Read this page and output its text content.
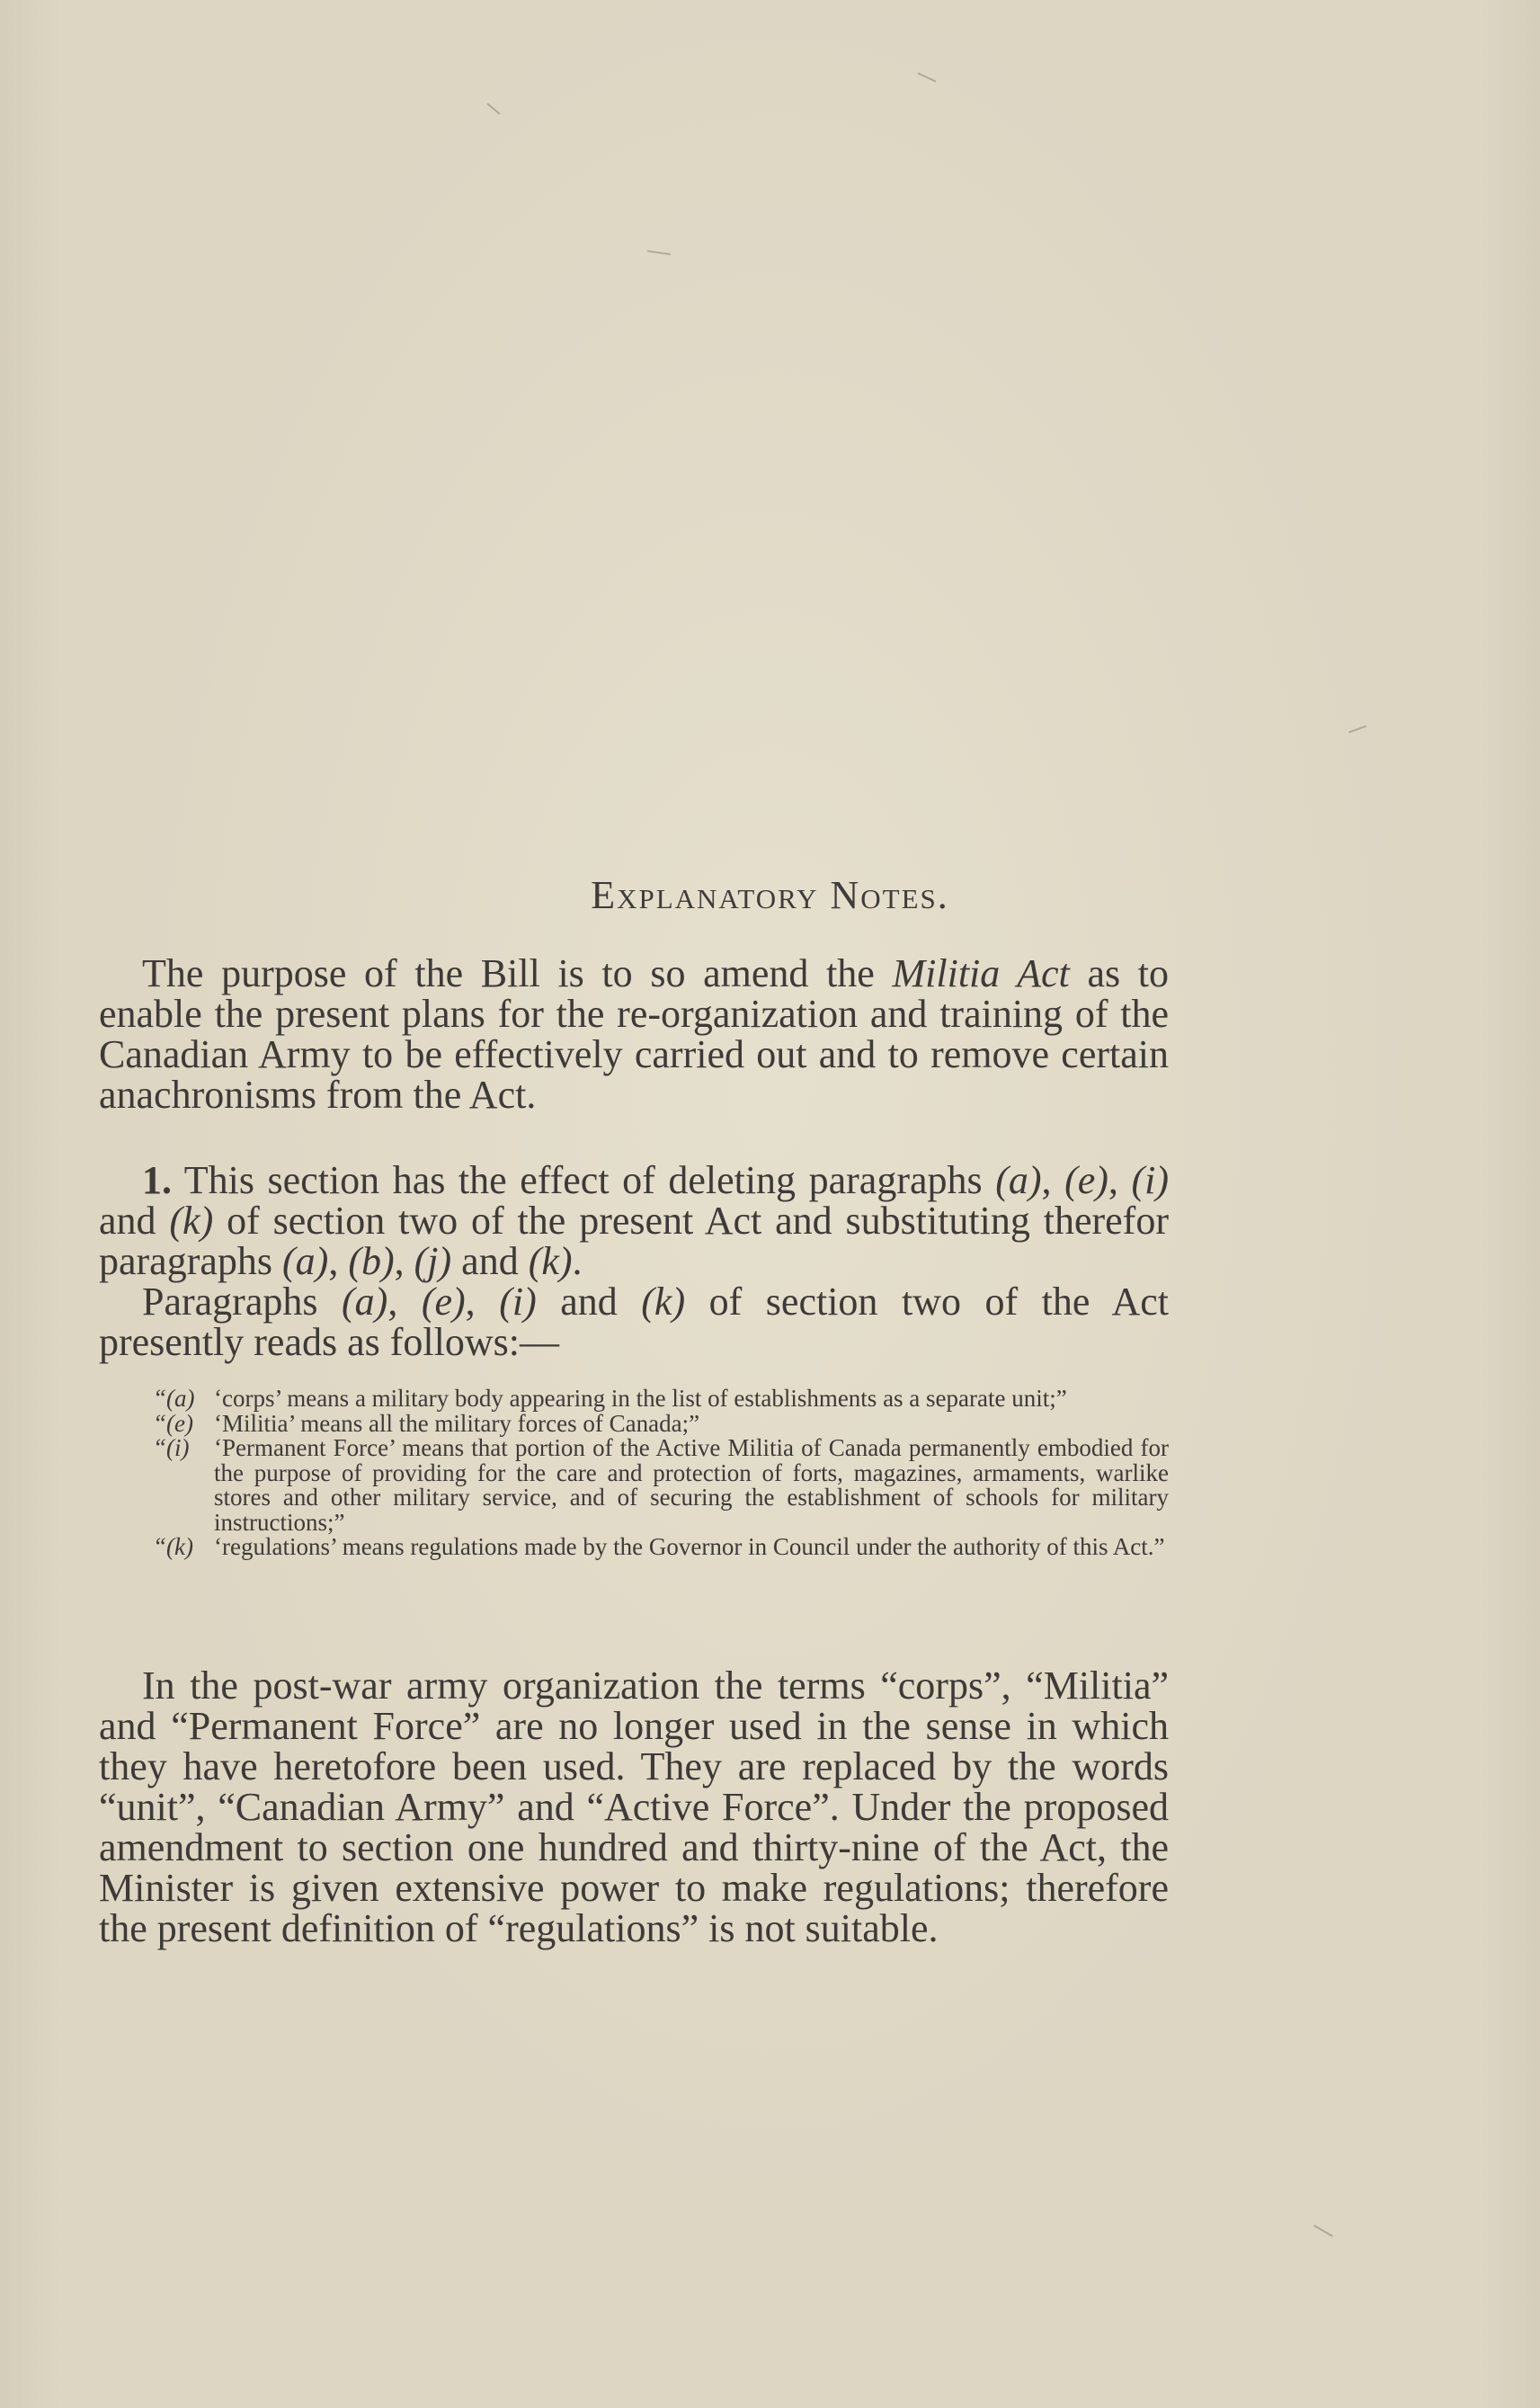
Explanatory Notes.

The purpose of the Bill is to so amend the Militia Act as to enable the present plans for the re-organization and training of the Canadian Army to be effectively carried out and to remove certain anachronisms from the Act.

1. This section has the effect of deleting paragraphs (a), (e), (i) and (k) of section two of the present Act and substituting therefor paragraphs (a), (b), (j) and (k).

Paragraphs (a), (e), (i) and (k) of section two of the Act presently reads as follows:—

“(a) ‘corps’ means a military body appearing in the list of establishments as a separate unit;”
“(e) ‘Militia’ means all the military forces of Canada;”
“(i) ‘Permanent Force’ means that portion of the Active Militia of Canada permanently embodied for the purpose of providing for the care and protection of forts, magazines, armaments, warlike stores and other military service, and of securing the establishment of schools for military instructions;”
“(k) ‘regulations’ means regulations made by the Governor in Council under the authority of this Act.”

In the post-war army organization the terms “corps”, “Militia” and “Permanent Force” are no longer used in the sense in which they have heretofore been used. They are replaced by the words “unit”, “Canadian Army” and “Active Force”. Under the proposed amendment to section one hundred and thirty-nine of the Act, the Minister is given extensive power to make regulations; therefore the present definition of “regulations” is not suitable.
